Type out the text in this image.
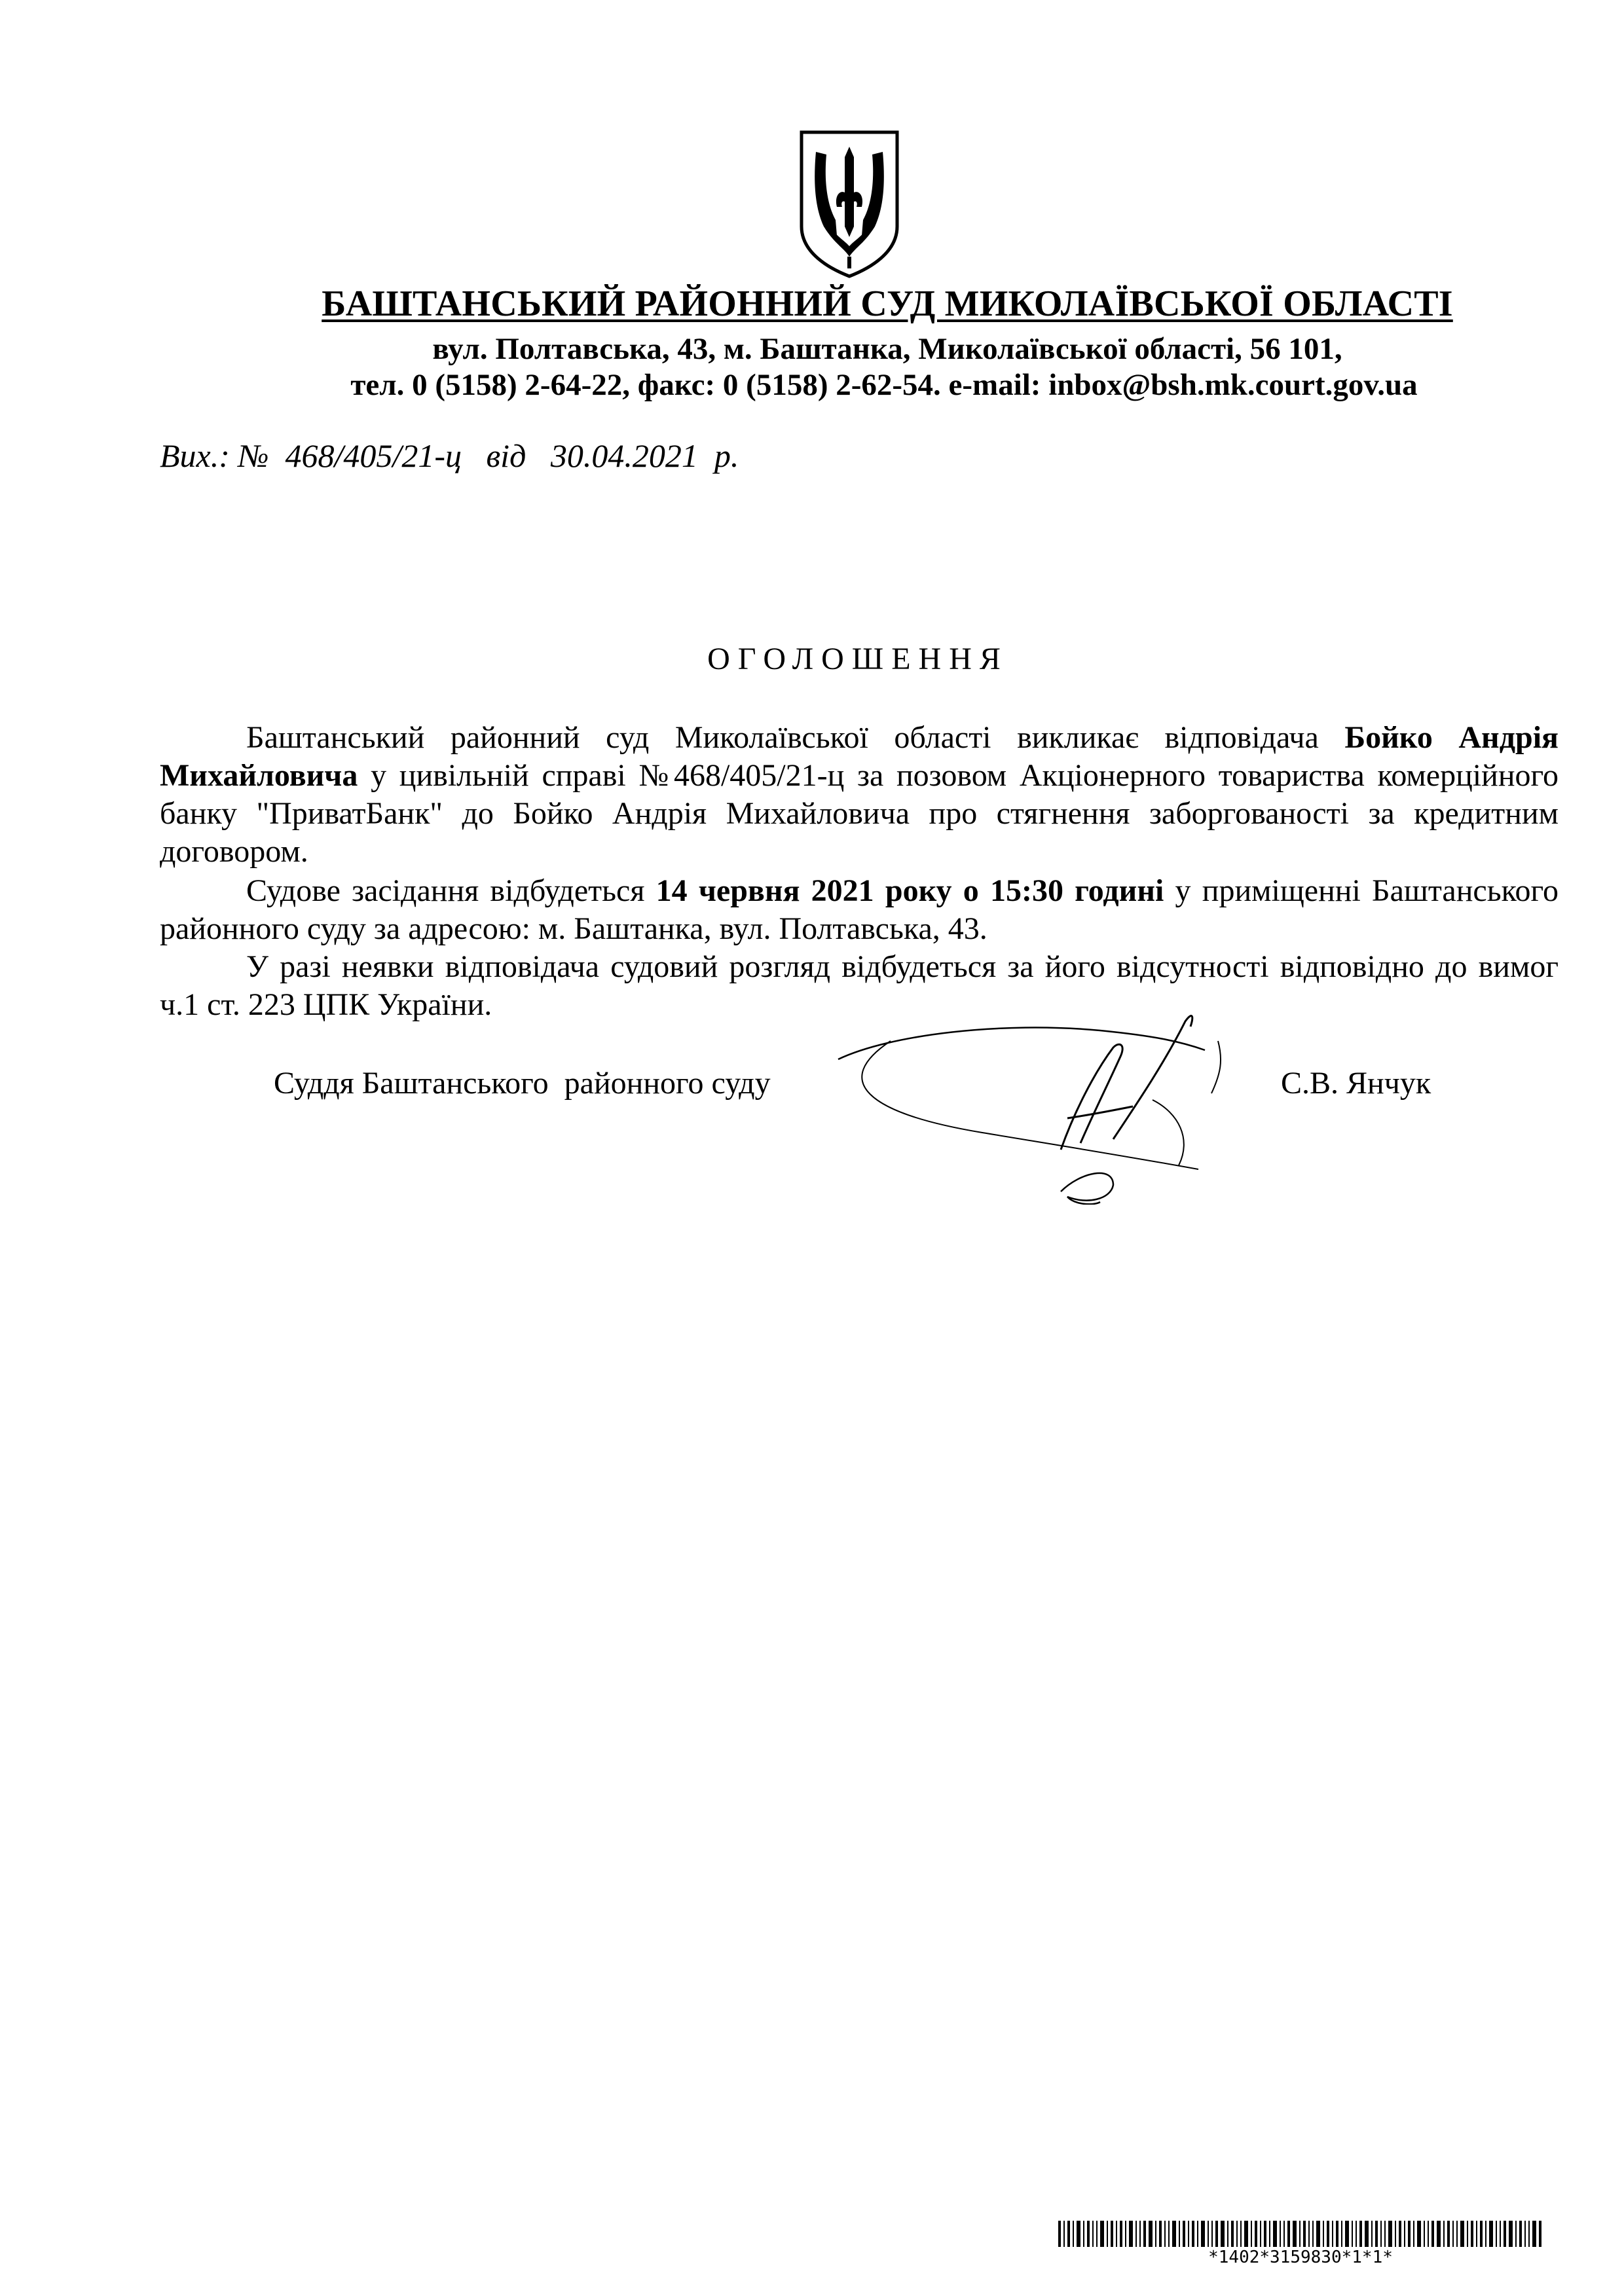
БАШТАНСЬКИЙ РАЙОННИЙ СУД МИКОЛАЇВСЬКОЇ ОБЛАСТІ
вул. Полтавська, 43, м. Баштанка, Миколаївської області, 56 101,
тел. 0 (5158) 2-64-22, факс: 0 (5158) 2-62-54. e-mail: inbox@bsh.mk.court.gov.ua
Вих.: № 468/405/21-ц від 30.04.2021 р.
ОГОЛОШЕННЯ
Баштанський районний суд Миколаївської області викликає відповідача Бойко Андрія Михайловича у цивільній справі №468/405/21-ц за позовом Акціонерного товариства комерційного банку "ПриватБанк" до Бойко Андрія Михайловича про стягнення заборгованості за кредитним договором.
Судове засідання відбудеться 14 червня 2021 року о 15:30 годині у приміщенні Баштанського районного суду за адресою: м. Баштанка, вул. Полтавська, 43.
У разі неявки відповідача судовий розгляд відбудеться за його відсутності відповідно до вимог ч.1 ст. 223 ЦПК України.
Суддя Баштанського  районного суду	С.В. Янчук
*1402*3159830*1*1*
